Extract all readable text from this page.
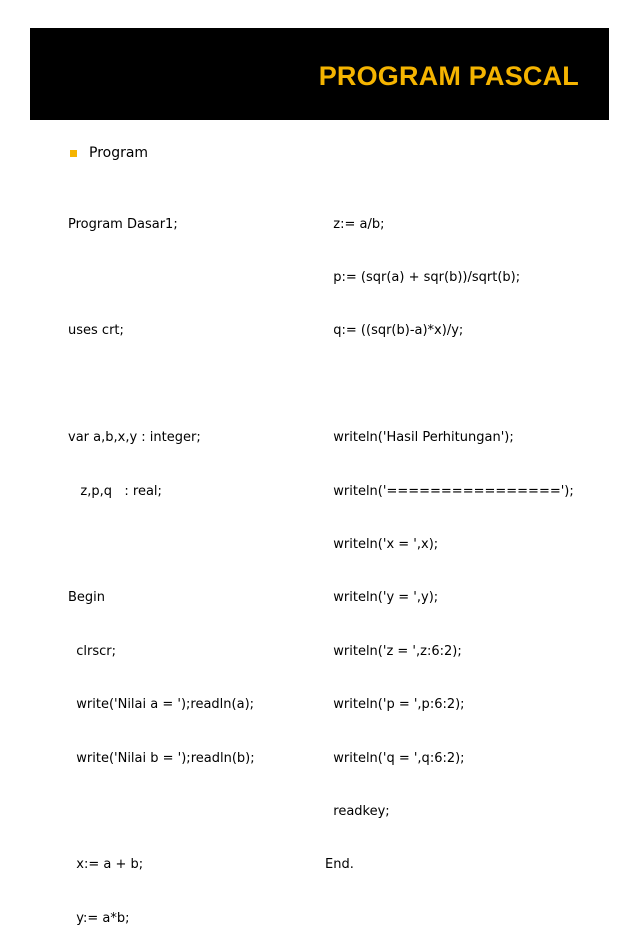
PROGRAM PASCAL
Program

Program Dasar1;

uses crt;

var a,b,x,y : integer;

z,p,q   : real;

Begin

clrscr;

write('Nilai a = ');readln(a);

write('Nilai b = ');readln(b);

x:= a + b;

y:= a*b;

z:= a/b;

p:= (sqr(a) + sqr(b))/sqrt(b);

q:= ((sqr(b)-a)*x)/y;

writeln('Hasil Perhitungan');

writeln('================');

writeln('x = ',x);

writeln('y = ',y);

writeln('z = ',z:6:2);

writeln('p = ',p:6:2);

writeln('q = ',q:6:2);

readkey;

End.
